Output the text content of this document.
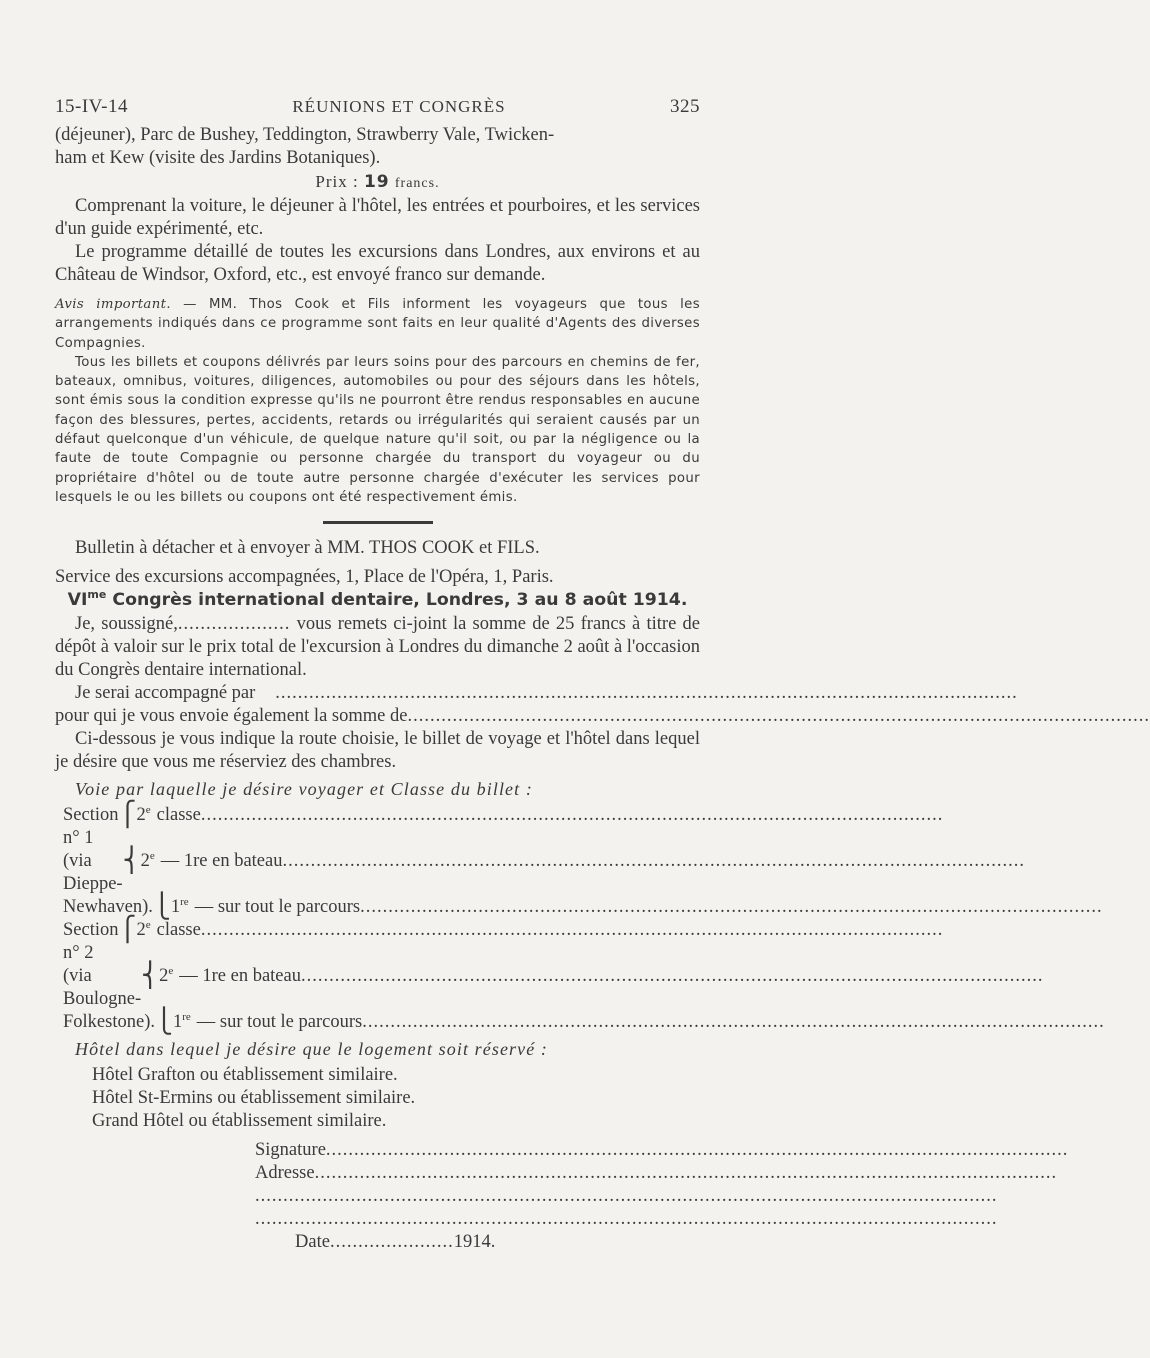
15-IV-14	RÉUNIONS ET CONGRÈS	325

(déjeuner), Parc de Bushey, Teddington, Strawberry Vale, Twicken-

ham et Kew (visite des Jardins Botaniques).

Prix : 19 francs.

Comprenant la voiture, le déjeuner à l'hôtel, les entrées et pourboires, et les services d'un guide expérimenté, etc.

Le programme détaillé de toutes les excursions dans Londres, aux environs et au Château de Windsor, Oxford, etc., est envoyé franco sur demande.

Avis important. — MM. Thos Cook et Fils informent les voyageurs que tous les arrangements indiqués dans ce programme sont faits en leur qualité d'Agents des diverses Compagnies.

Tous les billets et coupons délivrés par leurs soins pour des parcours en chemins de fer, bateaux, omnibus, voitures, diligences, automobiles ou pour des séjours dans les hôtels, sont émis sous la condition expresse qu'ils ne pourront être rendus responsables en aucune façon des blessures, pertes, accidents, retards ou irrégularités qui seraient causés par un défaut quelconque d'un véhicule, de quelque nature qu'il soit, ou par la négligence ou la faute de toute Compagnie ou personne chargée du transport du voyageur ou du propriétaire d'hôtel ou de toute autre personne chargée d'exécuter les services pour lesquels le ou les billets ou coupons ont été respectivement émis.

Bulletin à détacher et à envoyer à MM. THOS COOK et FILS.

Service des excursions accompagnées, 1, Place de l'Opéra, 1, Paris.

$VI^{me}$ Congrès international dentaire, Londres, 3 au 8 août 1914.

Je, soussigné,.................... vous remets ci-joint la somme de 25 francs à titre de dépôt à valoir sur le prix total de l'excursion à Londres du dimanche 2 août à l'occasion du Congrès dentaire international.

Je serai accompagné par	....................................................................................................................................
pour qui je vous envoie également la somme de ....................................................................................................................................

Ci-dessous je vous indique la route choisie, le billet de voyage et l'hôtel dans lequel je désire que vous me réserviez des chambres.

Voie par laquelle je désire voyager et Classe du billet :
Section n° 1
⎧ 2e classe ....................................................................................................................................
(via Dieppe-
⎨ 2e — 1re en bateau ....................................................................................................................................
Newhaven). ⎩ 1re — sur tout le parcours ....................................................................................................................................
Section n° 2
⎧ 2e classe ....................................................................................................................................
(via Boulogne-
⎨ 2e — 1re en bateau ....................................................................................................................................
Folkestone). ⎩ 1re — sur tout le parcours ....................................................................................................................................
Hôtel dans lequel je désire que le logement soit réservé :
Hôtel Grafton ou établissement similaire.
Hôtel St-Ermins ou établissement similaire.
Grand Hôtel ou établissement similaire.
Signature ....................................................................................................................................
Adresse ....................................................................................................................................
....................................................................................................................................
....................................................................................................................................
Date......................1914.
